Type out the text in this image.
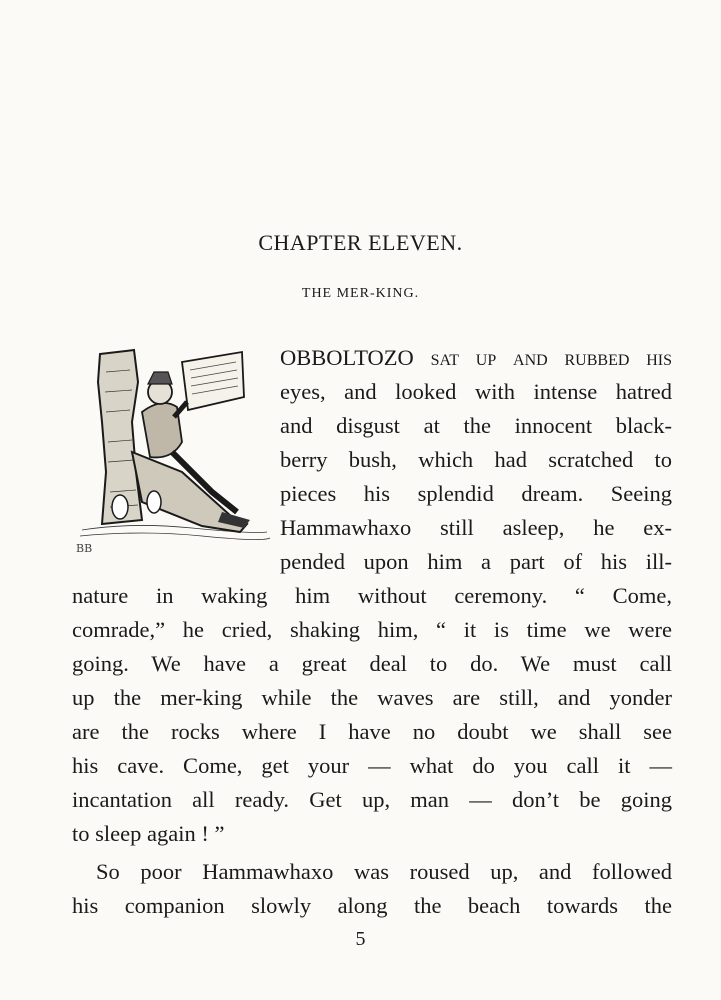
CHAPTER ELEVEN.
THE MER-KING.
BB
OBBOLTOZO sat up and rubbed his
eyes, and looked with intense hatred
and disgust at the innocent black-
berry bush, which had scratched to
pieces his splendid dream. Seeing
Hammawhaxo still asleep, he ex-
pended upon him a part of his ill-
nature in waking him without ceremony. “ Come,
comrade,” he cried, shaking him, “ it is time we were
going. We have a great deal to do. We must call
up the mer-king while the waves are still, and yonder
are the rocks where I have no doubt we shall see
his cave. Come, get your — what do you call it —
incantation all ready. Get up, man — don’t be going
to sleep again ! ”
So poor Hammawhaxo was roused up, and followed
his companion slowly along the beach towards the
5
